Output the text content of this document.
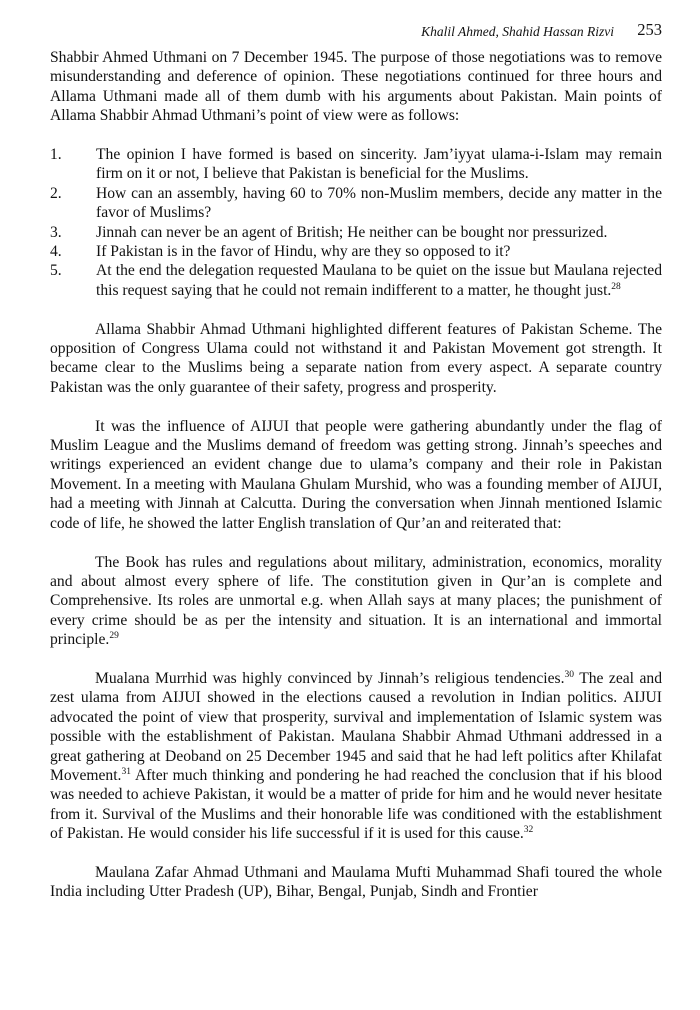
Khalil Ahmed, Shahid Hassan Rizvi 253

Shabbir Ahmed Uthmani on 7 December 1945. The purpose of those negotiations was to remove misunderstanding and deference of opinion. These negotiations continued for three hours and Allama Uthmani made all of them dumb with his arguments about Pakistan. Main points of Allama Shabbir Ahmad Uthmani’s point of view were as follows:

1. The opinion I have formed is based on sincerity. Jam’iyyat ulama-i-Islam may remain firm on it or not, I believe that Pakistan is beneficial for the Muslims.
2. How can an assembly, having 60 to 70% non-Muslim members, decide any matter in the favor of Muslims?
3. Jinnah can never be an agent of British; He neither can be bought nor pressurized.
4. If Pakistan is in the favor of Hindu, why are they so opposed to it?
5. At the end the delegation requested Maulana to be quiet on the issue but Maulana rejected this request saying that he could not remain indifferent to a matter, he thought just.$^{28}$

Allama Shabbir Ahmad Uthmani highlighted different features of Pakistan Scheme. The opposition of Congress Ulama could not withstand it and Pakistan Movement got strength. It became clear to the Muslims being a separate nation from every aspect. A separate country Pakistan was the only guarantee of their safety, progress and prosperity.

It was the influence of AIJUI that people were gathering abundantly under the flag of Muslim League and the Muslims demand of freedom was getting strong. Jinnah’s speeches and writings experienced an evident change due to ulama’s company and their role in Pakistan Movement. In a meeting with Maulana Ghulam Murshid, who was a founding member of AIJUI, had a meeting with Jinnah at Calcutta. During the conversation when Jinnah mentioned Islamic code of life, he showed the latter English translation of Qur’an and reiterated that:

The Book has rules and regulations about military, administration, economics, morality and about almost every sphere of life. The constitution given in Qur’an is complete and Comprehensive. Its roles are unmortal e.g. when Allah says at many places; the punishment of every crime should be as per the intensity and situation. It is an international and immortal principle.$^{29}$

Mualana Murrhid was highly convinced by Jinnah’s religious tendencies.$^{30}$ The zeal and zest ulama from AIJUI showed in the elections caused a revolution in Indian politics. AIJUI advocated the point of view that prosperity, survival and implementation of Islamic system was possible with the establishment of Pakistan. Maulana Shabbir Ahmad Uthmani addressed in a great gathering at Deoband on 25 December 1945 and said that he had left politics after Khilafat Movement.$^{31}$ After much thinking and pondering he had reached the conclusion that if his blood was needed to achieve Pakistan, it would be a matter of pride for him and he would never hesitate from it. Survival of the Muslims and their honorable life was conditioned with the establishment of Pakistan. He would consider his life successful if it is used for this cause.$^{32}$

Maulana Zafar Ahmad Uthmani and Maulama Mufti Muhammad Shafi toured the whole India including Utter Pradesh (UP), Bihar, Bengal, Punjab, Sindh and Frontier
